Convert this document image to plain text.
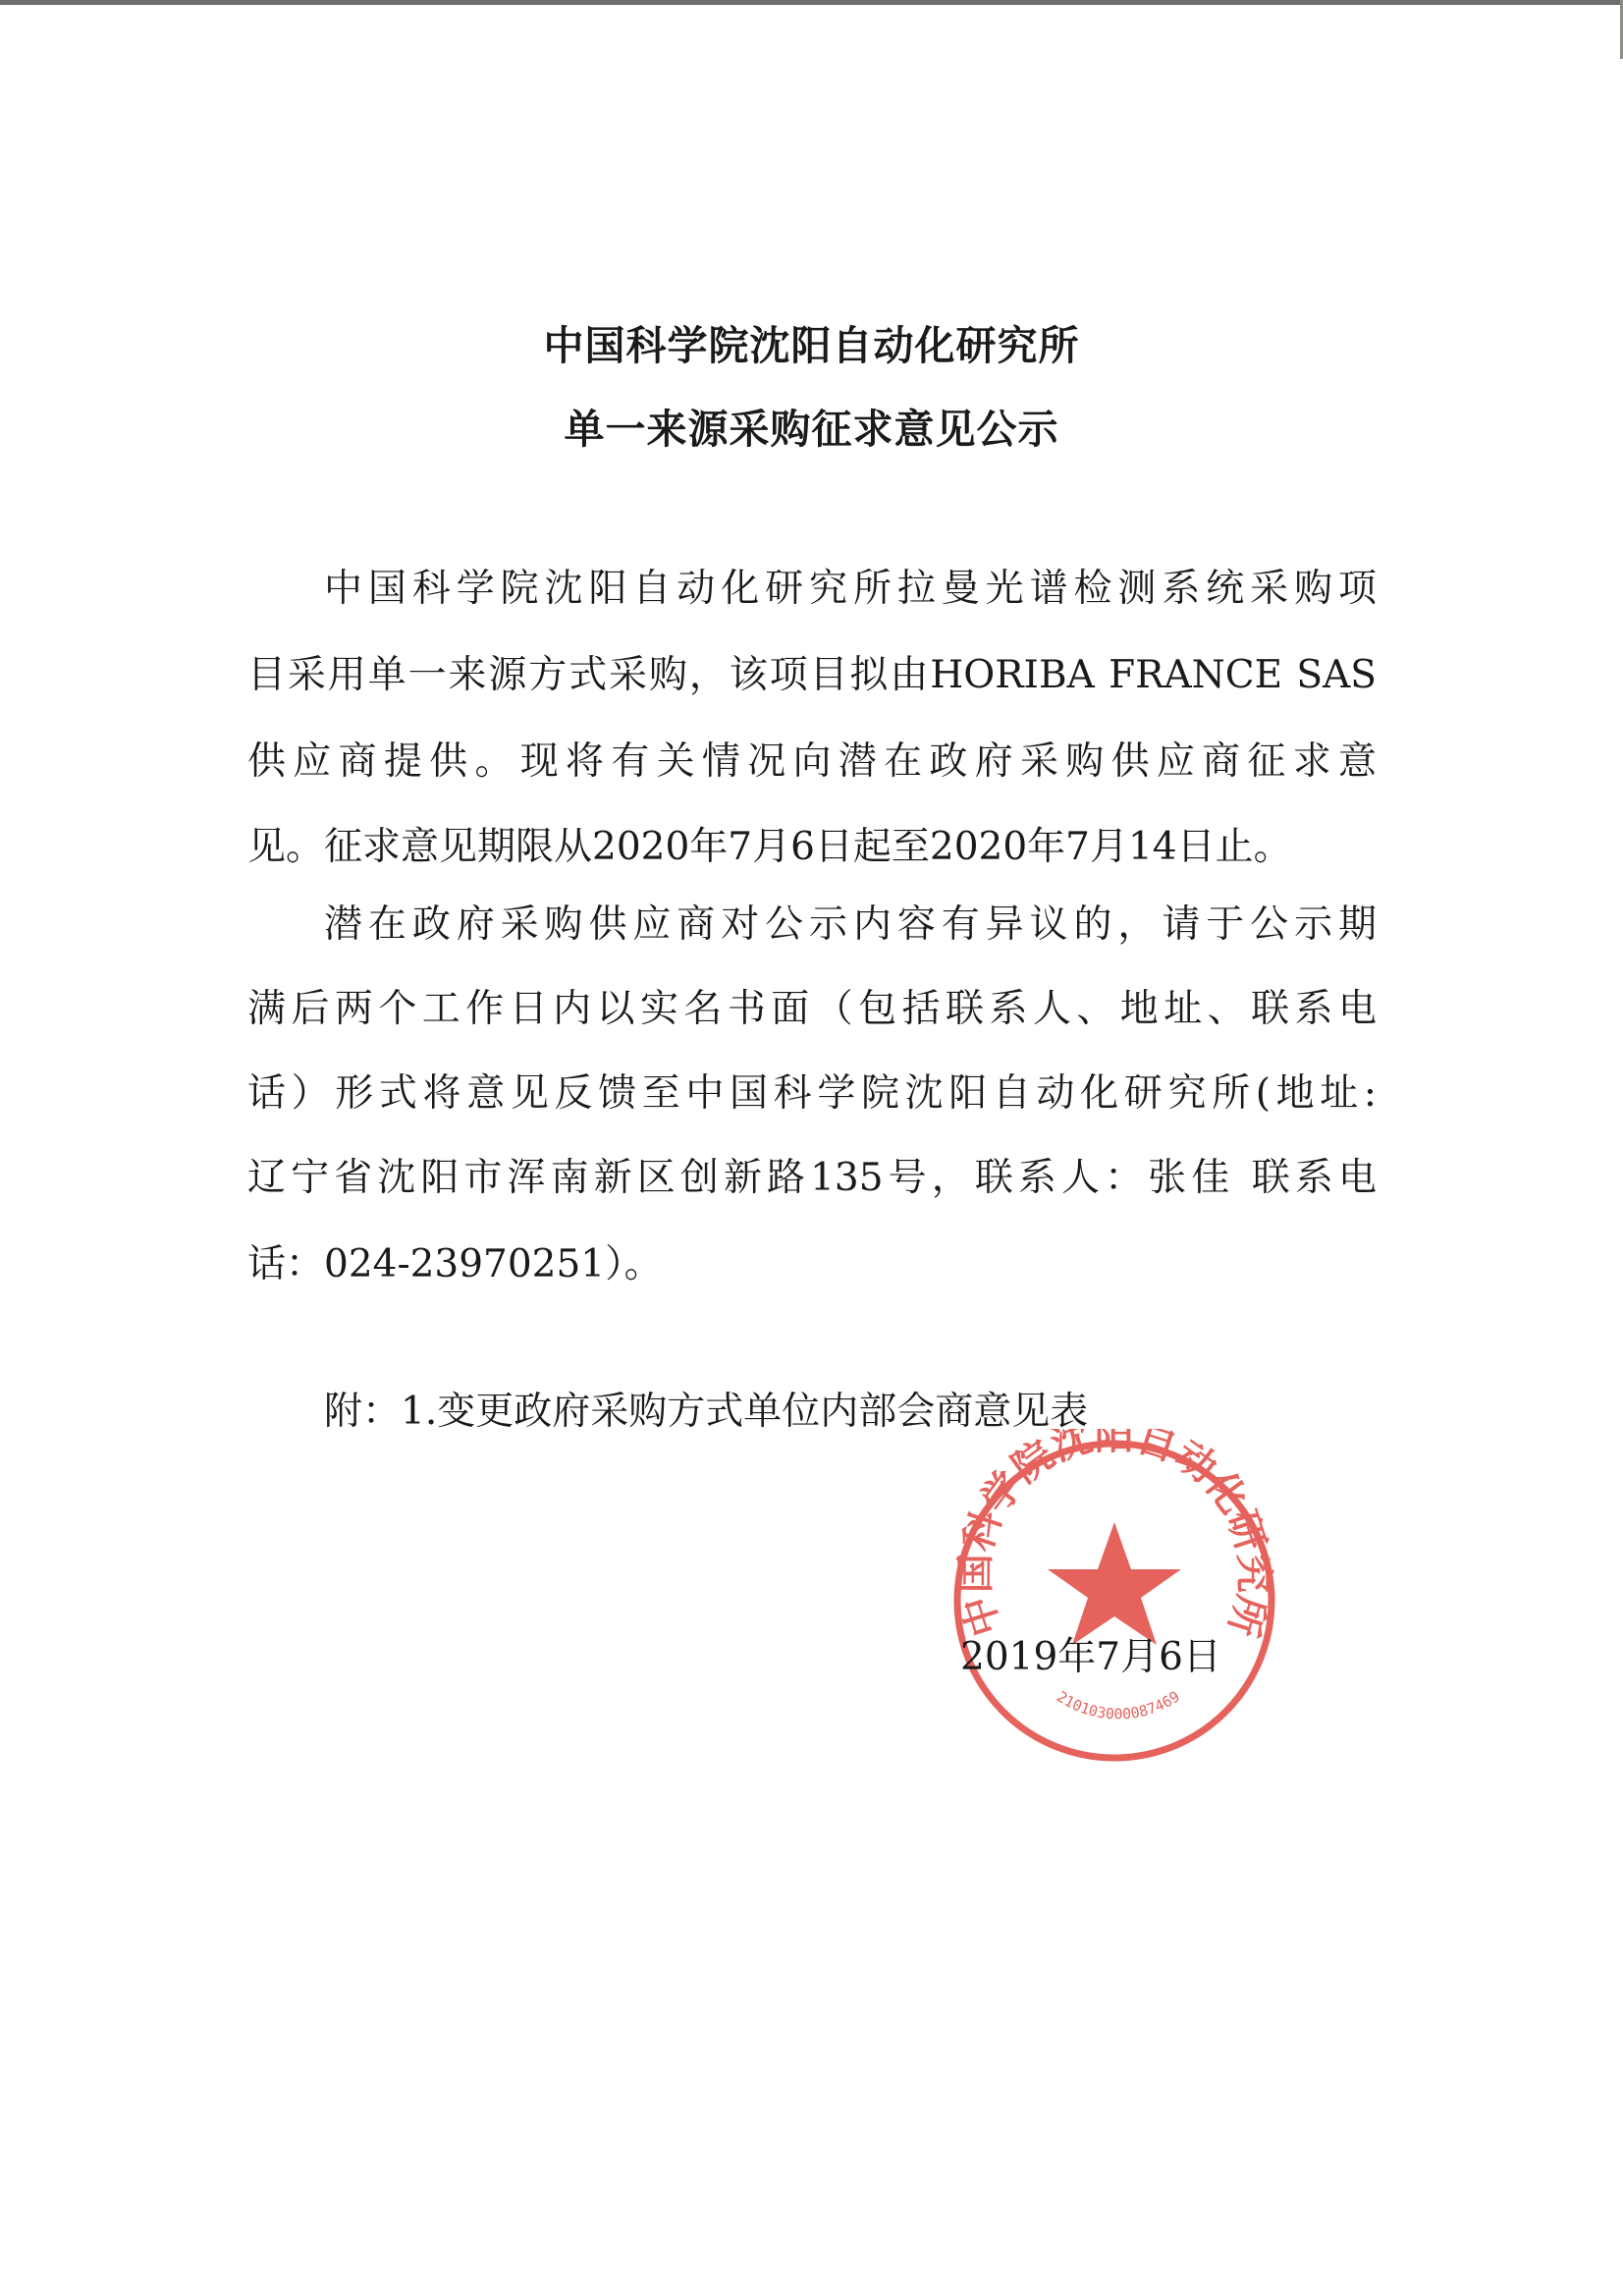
中国科学院沈阳自动化研究所
单一来源采购征求意见公示
中国科学院沈阳自动化研究所拉曼光谱检测系统采购项
目采用单一来源方式采购，该项目拟由HORIBA FRANCE SAS
供应商提供。现将有关情况向潜在政府采购供应商征求意
见。征求意见期限从2020年7月6日起至2020年7月14日止。
潜在政府采购供应商对公示内容有异议的，请于公示期
满后两个工作日内以实名书面（包括联系人、地址、联系电
话）形式将意见反馈至中国科学院沈阳自动化研究所(地址:
辽宁省沈阳市浑南新区创新路135号，联系人：张佳 联系电
话：024-23970251）。
附：1.变更政府采购方式单位内部会商意见表
中国科学院沈阳自动化研究所
210103000087469
2019年7月6日
